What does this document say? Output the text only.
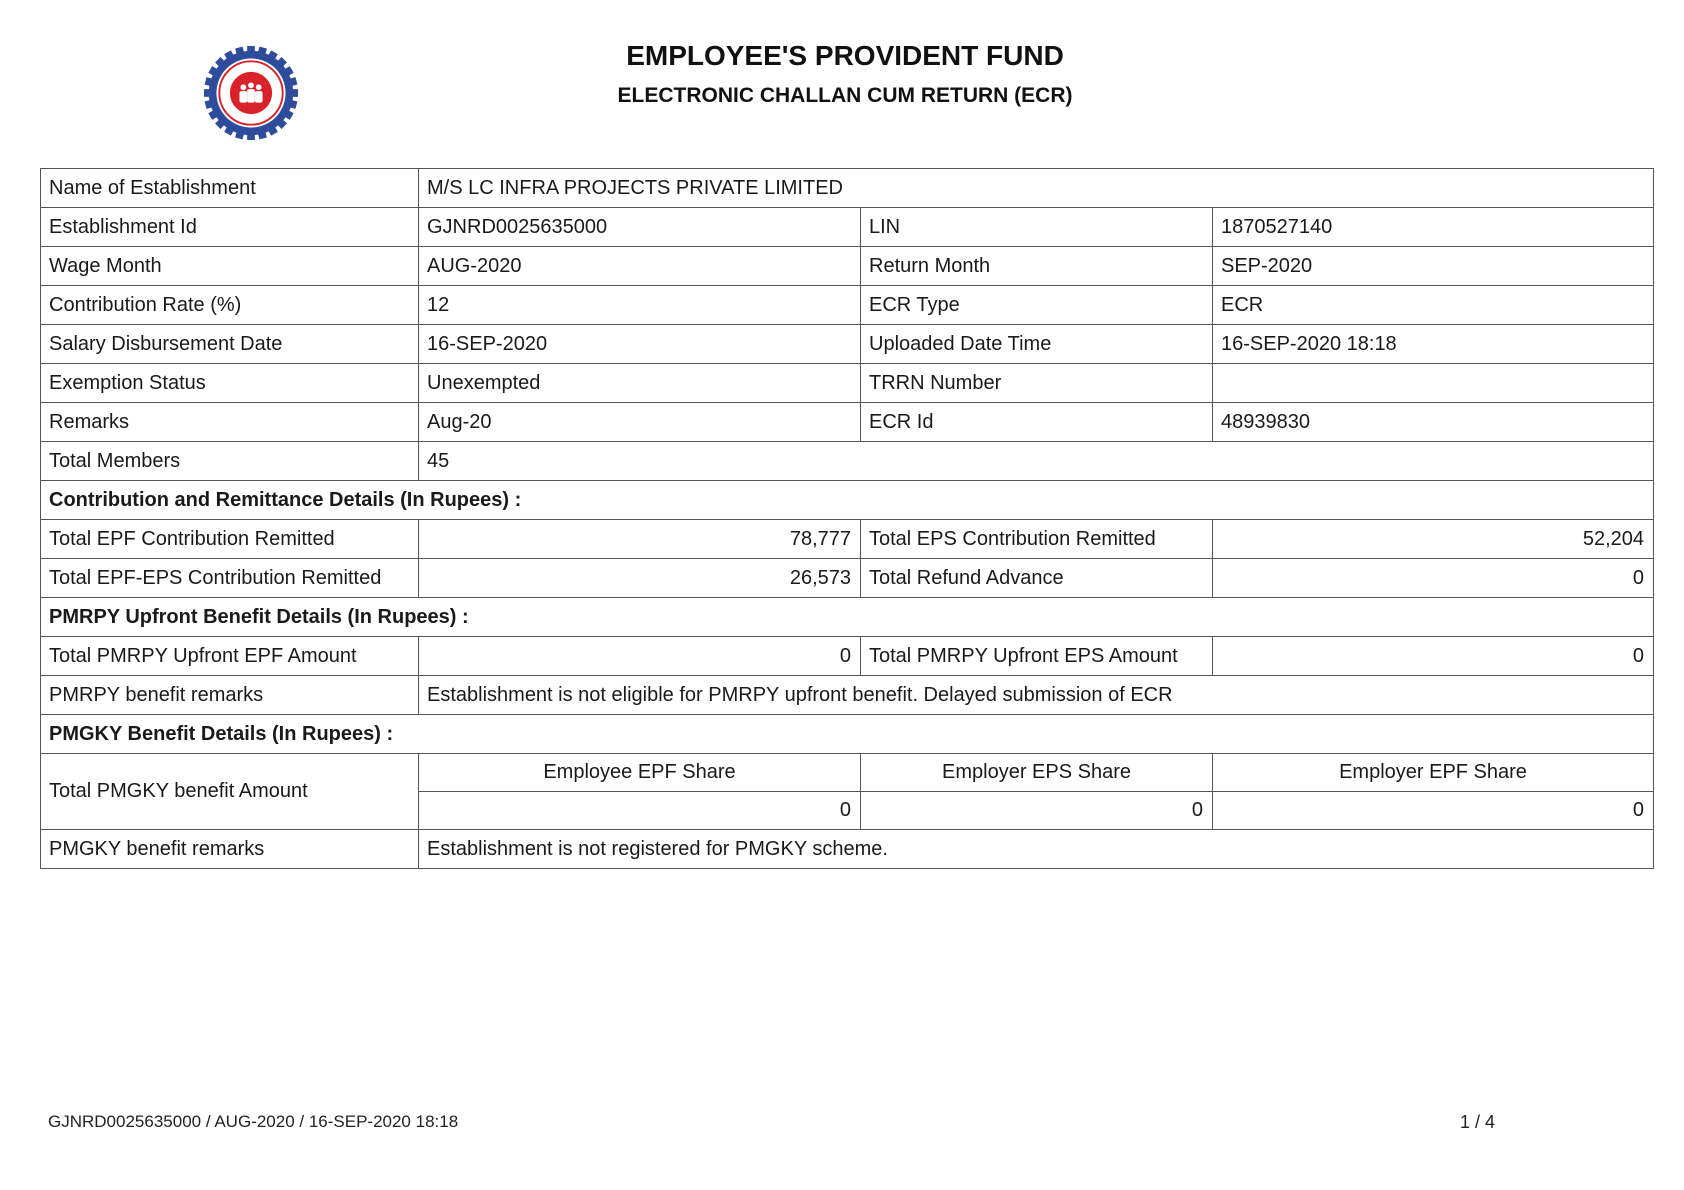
EMPLOYEE'S PROVIDENT FUND
ELECTRONIC CHALLAN CUM RETURN (ECR)
Name of Establishment	M/S LC INFRA PROJECTS PRIVATE LIMITED		
Establishment Id	GJNRD0025635000	LIN	1870527140
Wage Month	AUG-2020	Return Month	SEP-2020
Contribution Rate (%)	12	ECR Type	ECR
Salary Disbursement Date	16-SEP-2020	Uploaded Date Time	16-SEP-2020 18:18
Exemption Status	Unexempted	TRRN Number	
Remarks	Aug-20	ECR Id	48939830
Total Members	45		
Contribution and Remittance Details (In Rupees) :			
Total EPF Contribution Remitted	78,777	Total EPS Contribution Remitted	52,204
Total EPF-EPS Contribution Remitted	26,573	Total Refund Advance	0
PMRPY Upfront Benefit Details (In Rupees) :			
Total PMRPY Upfront EPF Amount	0	Total PMRPY Upfront EPS Amount	0
PMRPY benefit remarks	Establishment is not eligible for PMRPY upfront benefit. Delayed submission of ECR		
PMGKY Benefit Details (In Rupees) :			
Total PMGKY benefit Amount	Employee EPF Share	Employer EPS Share	Employer EPF Share
	0	0	0
PMGKY benefit remarks	Establishment is not registered for PMGKY scheme.		
GJNRD0025635000 / AUG-2020 / 16-SEP-2020 18:18	1 / 4
